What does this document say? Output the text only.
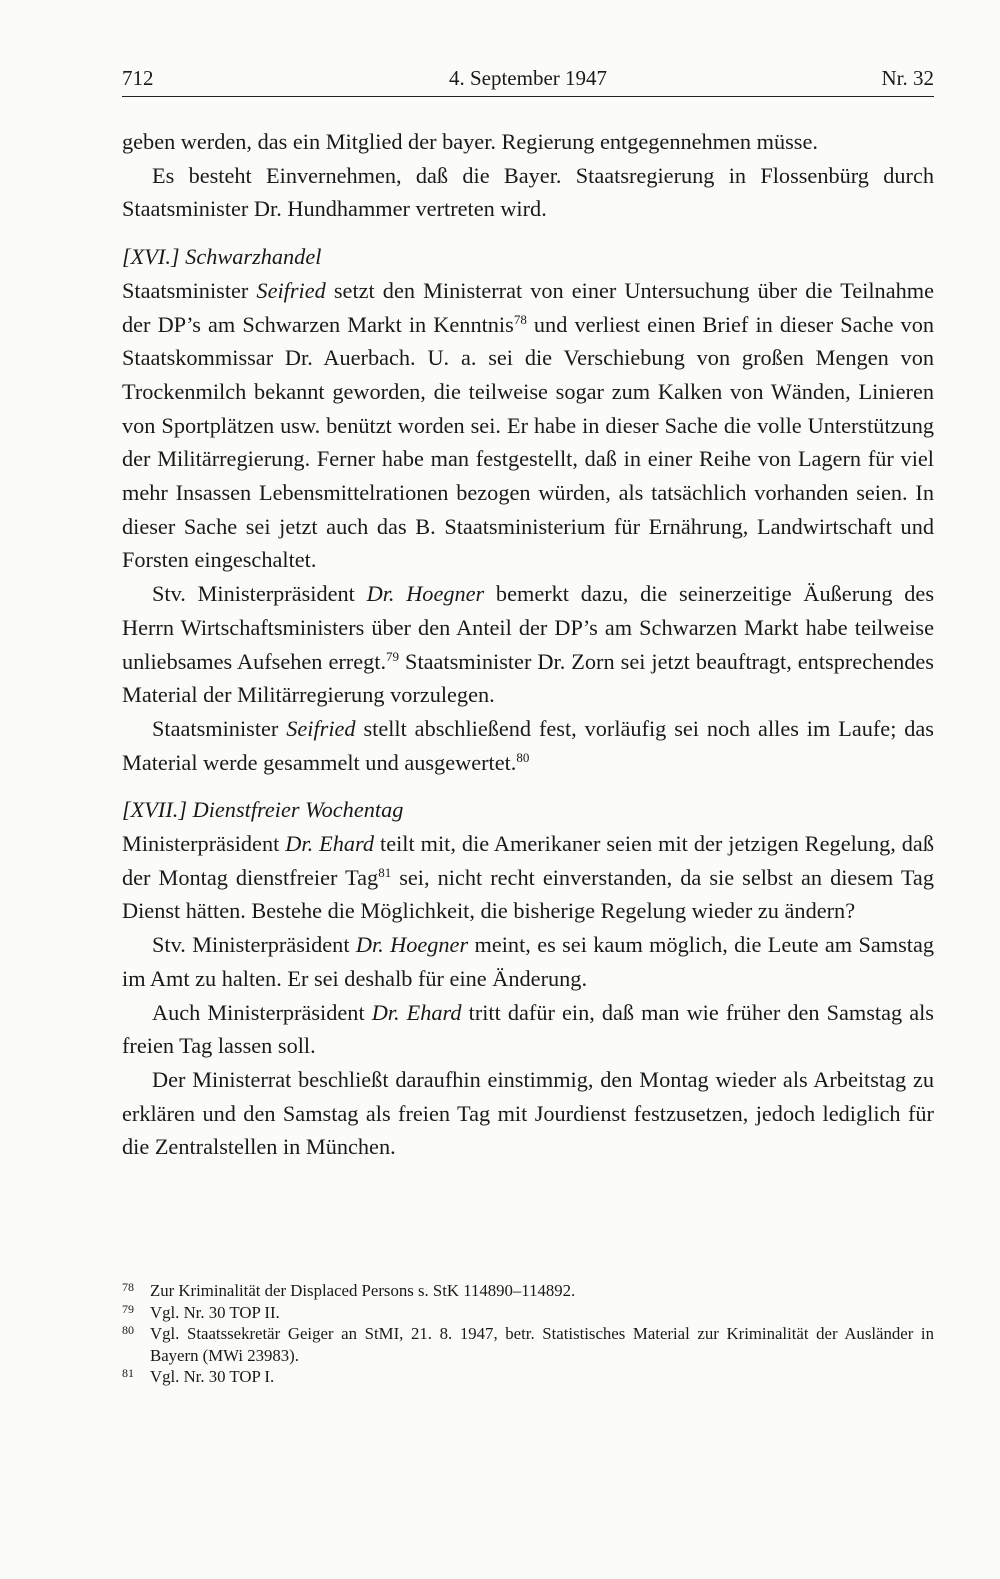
712	4. September 1947	Nr. 32

geben werden, das ein Mitglied der bayer. Regierung entgegennehmen müsse.

Es besteht Einvernehmen, daß die Bayer. Staatsregierung in Flossenbürg durch Staatsminister Dr. Hundhammer vertreten wird.

[XVI.] Schwarzhandel

Staatsminister Seifried setzt den Ministerrat von einer Untersuchung über die Teilnahme der DP’s am Schwarzen Markt in Kenntnis$^{78}$ und verliest einen Brief in dieser Sache von Staatskommissar Dr. Auerbach. U. a. sei die Verschiebung von großen Mengen von Trockenmilch bekannt geworden, die teilweise sogar zum Kalken von Wänden, Linieren von Sportplätzen usw. benützt worden sei. Er habe in dieser Sache die volle Unterstützung der Militärregierung. Ferner habe man festgestellt, daß in einer Reihe von Lagern für viel mehr Insassen Lebensmittelrationen bezogen würden, als tatsächlich vorhanden seien. In dieser Sache sei jetzt auch das B. Staatsministerium für Ernährung, Landwirtschaft und Forsten eingeschaltet.

Stv. Ministerpräsident Dr. Hoegner bemerkt dazu, die seinerzeitige Äußerung des Herrn Wirtschaftsministers über den Anteil der DP’s am Schwarzen Markt habe teilweise unliebsames Aufsehen erregt.$^{79}$ Staatsminister Dr. Zorn sei jetzt beauftragt, entsprechendes Material der Militärregierung vorzulegen.

Staatsminister Seifried stellt abschließend fest, vorläufig sei noch alles im Laufe; das Material werde gesammelt und ausgewertet.$^{80}$

[XVII.] Dienstfreier Wochentag

Ministerpräsident Dr. Ehard teilt mit, die Amerikaner seien mit der jetzigen Regelung, daß der Montag dienstfreier Tag$^{81}$ sei, nicht recht einverstanden, da sie selbst an diesem Tag Dienst hätten. Bestehe die Möglichkeit, die bisherige Regelung wieder zu ändern?

Stv. Ministerpräsident Dr. Hoegner meint, es sei kaum möglich, die Leute am Samstag im Amt zu halten. Er sei deshalb für eine Änderung.

Auch Ministerpräsident Dr. Ehard tritt dafür ein, daß man wie früher den Samstag als freien Tag lassen soll.

Der Ministerrat beschließt daraufhin einstimmig, den Montag wieder als Arbeitstag zu erklären und den Samstag als freien Tag mit Jourdienst festzusetzen, jedoch lediglich für die Zentralstellen in München.

78 Zur Kriminalität der Displaced Persons s. StK 114890–114892.
79 Vgl. Nr. 30 TOP II.
80 Vgl. Staatssekretär Geiger an StMI, 21. 8. 1947, betr. Statistisches Material zur Kriminalität der Ausländer in Bayern (MWi 23983).
81 Vgl. Nr. 30 TOP I.
